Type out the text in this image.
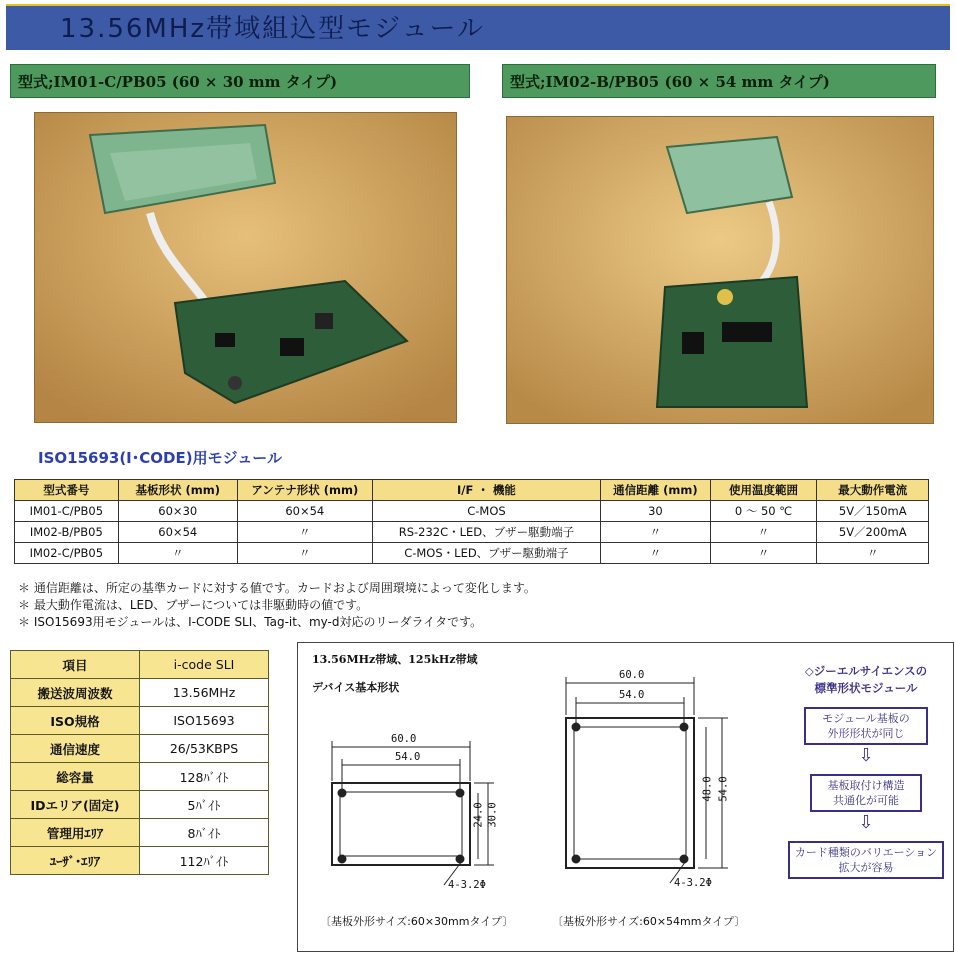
13.56MHz帯域組込型モジュール
型式;IM01-C/PB05 (60 × 30 mm タイプ)	型式;IM02-B/PB05 (60 × 54 mm タイプ)
ISO15693(I･CODE)用モジュール
型式番号	基板形状 (mm)	アンテナ形状 (mm)	I/F ・ 機能	通信距離 (mm)	使用温度範囲	最大動作電流
IM01-C/PB05	60×30	60×54	C-MOS	30	0 ～ 50 ℃	5V／150mA
IM02-B/PB05	60×54	〃	RS-232C・LED、ブザー駆動端子	〃	〃	5V／200mA
IM02-C/PB05	〃	〃	C-MOS・LED、ブザー駆動端子	〃	〃	〃
＊ 通信距離は、所定の基準カードに対する値です。カードおよび周囲環境によって変化します。
＊ 最大動作電流は、LED、ブザーについては非駆動時の値です。
＊ ISO15693用モジュールは、I-CODE SLI、Tag-it、my-d対応のリーダライタです。
項目	i-code SLI
搬送波周波数	13.56MHz
ISO規格	ISO15693
通信速度	26/53KBPS
総容量	128ﾊﾞｲﾄ
IDエリア(固定)	5ﾊﾞｲﾄ
管理用ｴﾘｱ	8ﾊﾞｲﾄ
ﾕｰｻﾞ･ｴﾘｱ	112ﾊﾞｲﾄ
13.56MHz帯域、125kHz帯域
デバイス基本形状
60.0
54.0
24.0 30.0
4-3.2Φ
〔基板外形サイズ:60×30mmタイプ〕
60.0
54.0
48.0 54.0
4-3.2Φ
〔基板外形サイズ:60×54mmタイプ〕
◇ジーエルサイエンスの
標準形状モジュール
モジュール基板の
外形形状が同じ
⇩
基板取付け構造
共通化が可能
⇩
カード種類のバリエーション
拡大が容易
